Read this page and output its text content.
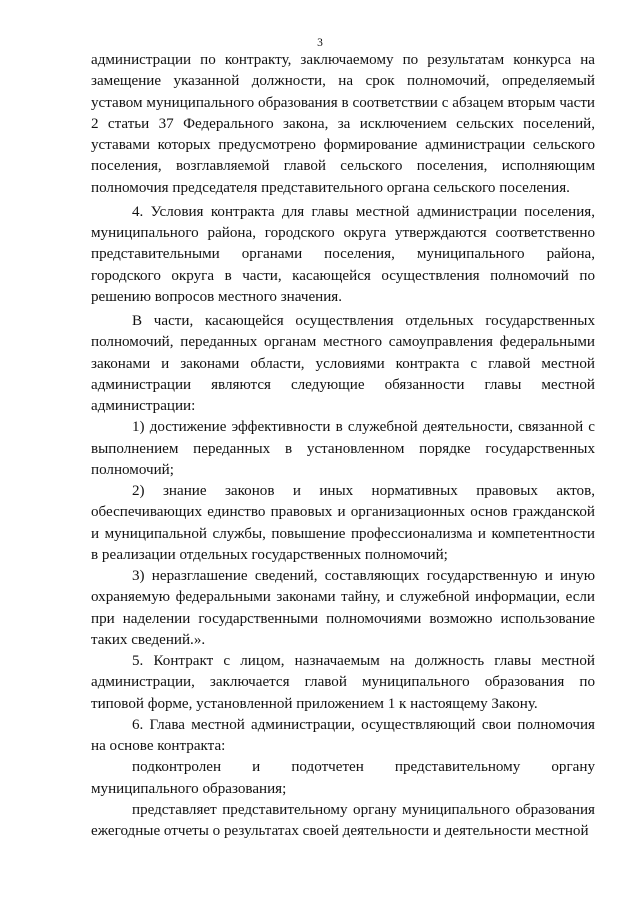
3

администрации по контракту, заключаемому по результатам конкурса на замещение указанной должности, на срок полномочий, определяемый уставом муниципального образования в соответствии с абзацем вторым части 2 статьи 37 Федерального закона, за исключением сельских поселений, уставами которых предусмотрено формирование администрации сельского поселения, возглавляемой главой сельского поселения, исполняющим полномочия председателя представительного органа сельского поселения.

4. Условия контракта для главы местной администрации поселения, муниципального района, городского округа утверждаются соответственно представительными органами поселения, муниципального района, городского округа в части, касающейся осуществления полномочий по решению вопросов местного значения.

В части, касающейся осуществления отдельных государственных полномочий, переданных органам местного самоуправления федеральными законами и законами области, условиями контракта с главой местной администрации являются следующие обязанности главы местной администрации:

1) достижение эффективности в служебной деятельности, связанной с выполнением переданных в установленном порядке государственных полномочий;

2) знание законов и иных нормативных правовых актов, обеспечивающих единство правовых и организационных основ гражданской и муниципальной службы, повышение профессионализма и компетентности в реализации отдельных государственных полномочий;

3) неразглашение сведений, составляющих государственную и иную охраняемую федеральными законами тайну, и служебной информации, если при наделении государственными полномочиями возможно использование таких сведений.».

5. Контракт с лицом, назначаемым на должность главы местной администрации, заключается главой муниципального образования по типовой форме, установленной приложением 1 к настоящему Закону.

6. Глава местной администрации, осуществляющий свои полномочия на основе контракта:

подконтролен и подотчетен представительному органу муниципального образования;

представляет представительному органу муниципального образования ежегодные отчеты о результатах своей деятельности и деятельности местной
